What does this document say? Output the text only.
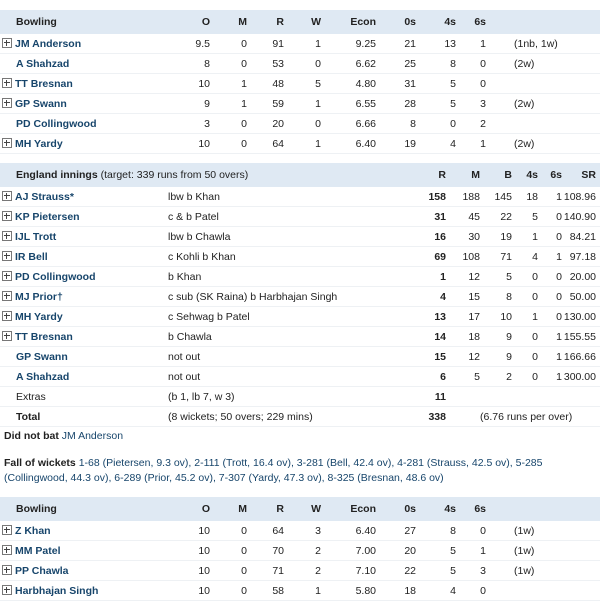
Bowling	O	M	R	W	Econ	0s	4s	6s	
JM Anderson	9.5	0	91	1	9.25	21	13	1	(1nb, 1w)
A Shahzad	8	0	53	0	6.62	25	8	0	(2w)
TT Bresnan	10	1	48	5	4.80	31	5	0	
GP Swann	9	1	59	1	6.55	28	5	3	(2w)
PD Collingwood	3	0	20	0	6.66	8	0	2	
MH Yardy	10	0	64	1	6.40	19	4	1	(2w)
England innings (target: 339 runs from 50 overs)		R	M	B	4s	6s	SR
AJ Strauss*	lbw b Khan	158	188	145	18	1	108.96
KP Pietersen	c & b Patel	31	45	22	5	0	140.90
IJL Trott	lbw b Chawla	16	30	19	1	0	84.21
IR Bell	c Kohli b Khan	69	108	71	4	1	97.18
PD Collingwood	b Khan	1	12	5	0	0	20.00
MJ Prior†	c sub (SK Raina) b Harbhajan Singh	4	15	8	0	0	50.00
MH Yardy	c Sehwag b Patel	13	17	10	1	0	130.00
TT Bresnan	b Chawla	14	18	9	0	1	155.55
GP Swann	not out	15	12	9	0	1	166.66
A Shahzad	not out	6	5	2	0	1	300.00
Extras	(b 1, lb 7, w 3)	11					
Total	(8 wickets; 50 overs; 229 mins)	338	(6.76 runs per over)				
Did not bat JM Anderson
Fall of wickets 1-68 (Pietersen, 9.3 ov), 2-111 (Trott, 16.4 ov), 3-281 (Bell, 42.4 ov), 4-281 (Strauss, 42.5 ov), 5-285 (Collingwood, 44.3 ov), 6-289 (Prior, 45.2 ov), 7-307 (Yardy, 47.3 ov), 8-325 (Bresnan, 48.6 ov)
Bowling	O	M	R	W	Econ	0s	4s	6s	
Z Khan	10	0	64	3	6.40	27	8	0	(1w)
MM Patel	10	0	70	2	7.00	20	5	1	(1w)
PP Chawla	10	0	71	2	7.10	22	5	3	(1w)
Harbhajan Singh	10	0	58	1	5.80	18	4	0	
